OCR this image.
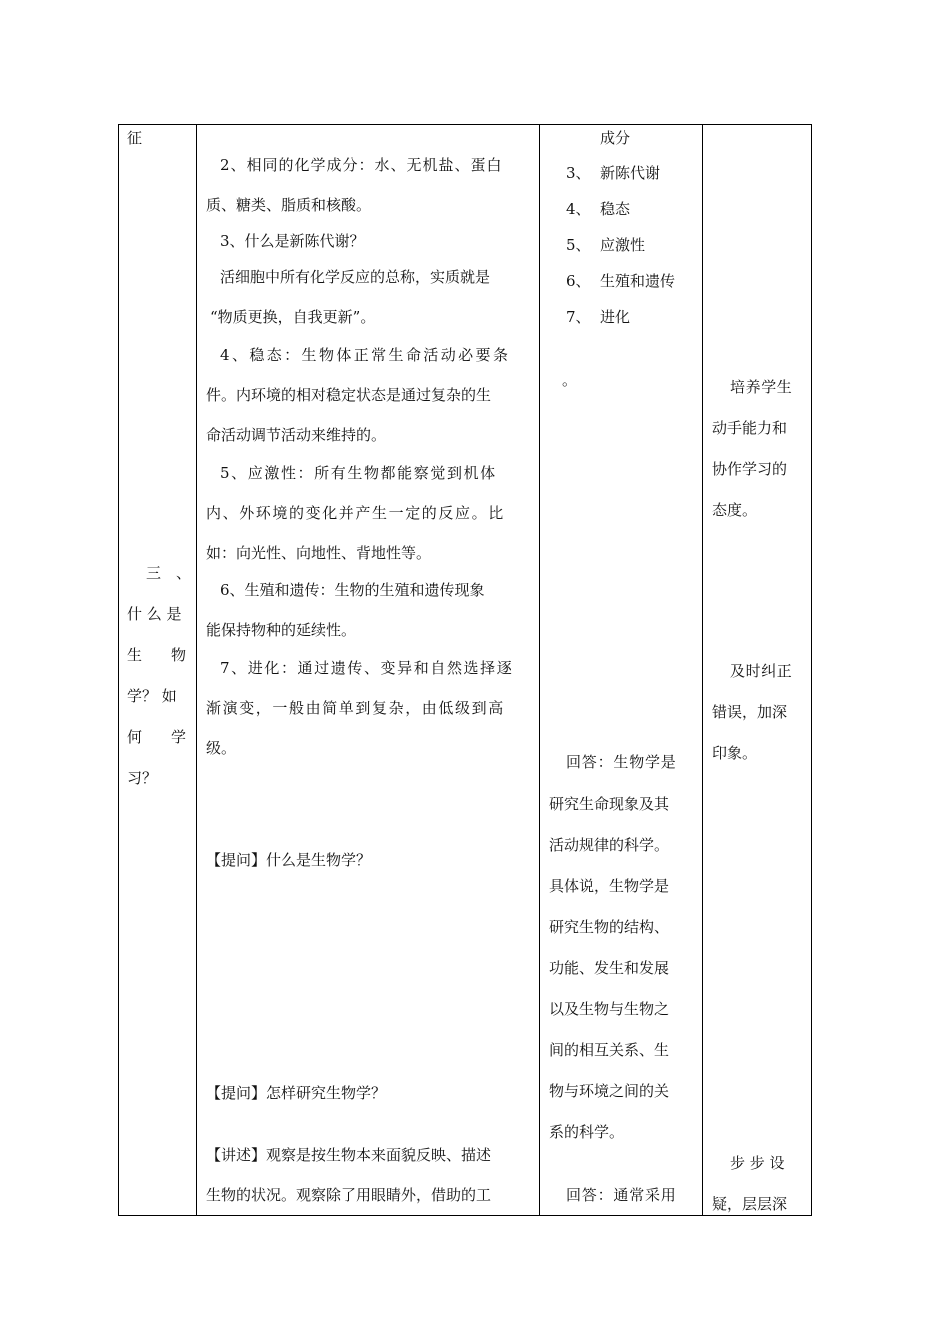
征
三　、
什 么 是
生 物
学？ 如
何 学
习？
2、相同的化学成分：水、无机盐、蛋白
质、糖类、脂质和核酸。
3、什么是新陈代谢？
活细胞中所有化学反应的总称，实质就是
“物质更换，自我更新”。
4、稳态：生物体正常生命活动必要条
件。内环境的相对稳定状态是通过复杂的生
命活动调节活动来维持的。
5、应激性：所有生物都能察觉到机体
内、外环境的变化并产生一定的反应。比
如：向光性、向地性、背地性等。
6、生殖和遗传：生物的生殖和遗传现象
能保持物种的延续性。
7、进化：通过遗传、变异和自然选择逐
渐演变，一般由简单到复杂，由低级到高
级。
【提问】什么是生物学？
【提问】怎样研究生物学？
【讲述】观察是按生物本来面貌反映、描述
生物的状况。观察除了用眼睛外，借助的工
成分
3、 新陈代谢
4、 稳态
5、 应激性
6、 生殖和遗传
7、 进化
。
回答：生物学是
研究生命现象及其
活动规律的科学。
具体说，生物学是
研究生物的结构、
功能、发生和发展
以及生物与生物之
间的相互关系、生
物与环境之间的关
系的科学。
回答：通常采用
培养学生
动手能力和
协作学习的
态度。
及时纠正
错误，加深
印象。
步 步 设
疑，层层深
